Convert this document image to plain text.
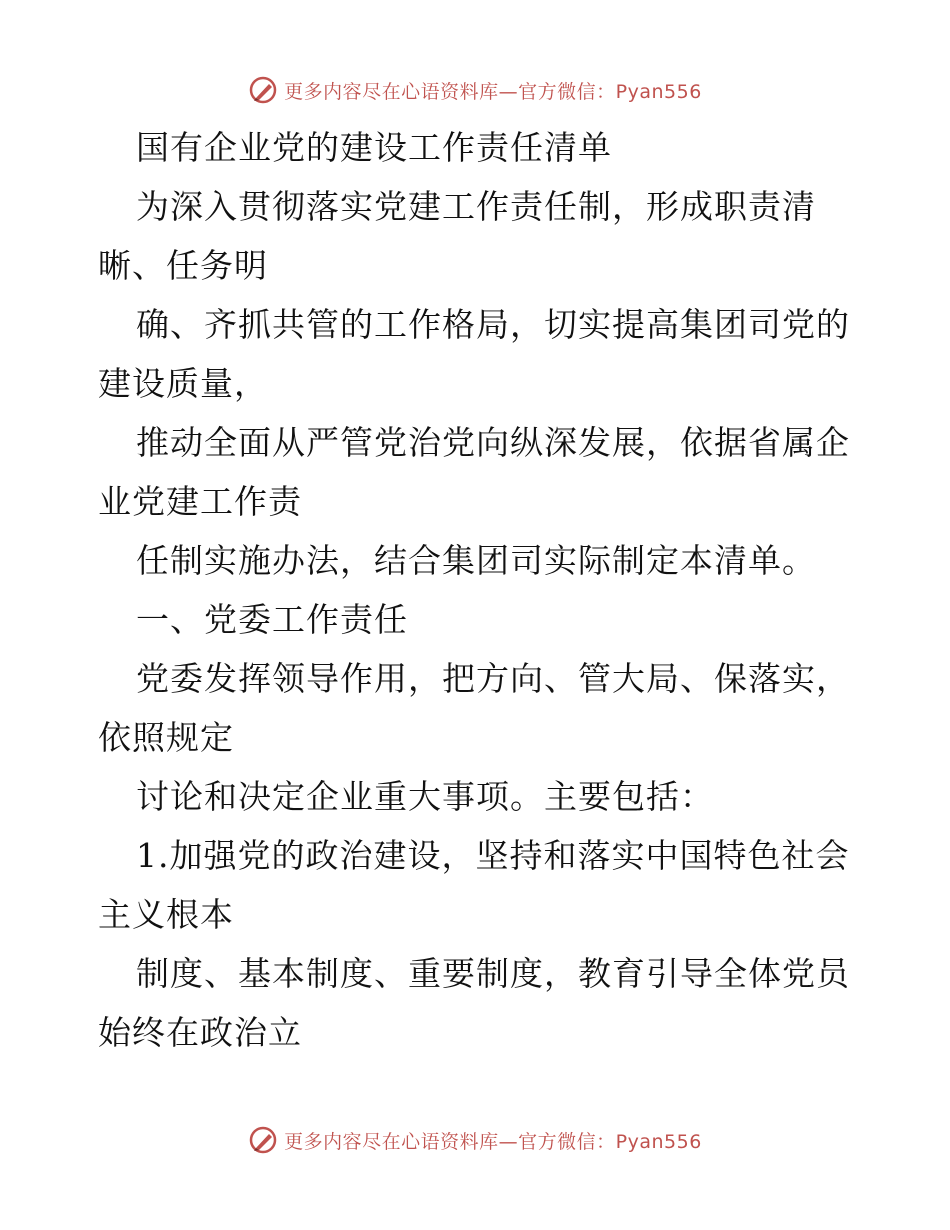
更多内容尽在心语资料库—官方微信：Pyan556
国有企业党的建设工作责任清单
为深入贯彻落实党建工作责任制，形成职责清
晰、任务明
确、齐抓共管的工作格局，切实提高集团司党的
建设质量，
推动全面从严管党治党向纵深发展，依据省属企
业党建工作责
任制实施办法，结合集团司实际制定本清单。
一、党委工作责任
党委发挥领导作用，把方向、管大局、保落实，
依照规定
讨论和决定企业重大事项。主要包括：
1.加强党的政治建设，坚持和落实中国特色社会
主义根本
制度、基本制度、重要制度，教育引导全体党员
始终在政治立
更多内容尽在心语资料库—官方微信：Pyan556
